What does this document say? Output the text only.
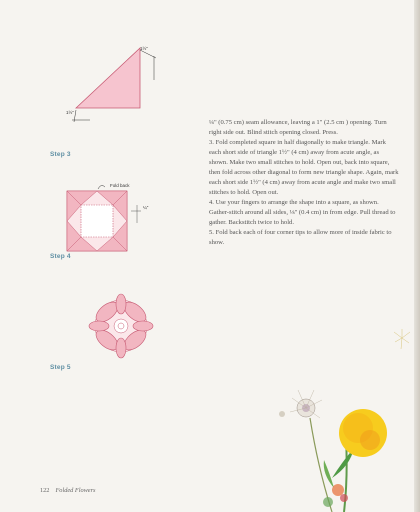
1½"
1½"
Step 3
Fold back
¼"
Step 4
Step 5

¼" (0.75 cm) seam allowance, leaving a 1" (2.5 cm ) opening. Turn right side out. Blind stitch opening closed. Press.

3. Fold completed square in half diagonally to make triangle. Mark each short side of triangle 1½" (4 cm) away from acute angle, as shown. Make two small stitches to hold. Open out, back into square, then fold across other diagonal to form new triangle shape. Again, mark each short side 1½" (4 cm) away from acute angle and make two small stitches to hold. Open out.

4. Use your fingers to arrange the shape into a square, as shown. Gather-stitch around all sides, ⅛" (0.4 cm) in from edge. Pull thread to gather. Backstitch twice to hold.

5. Fold back each of four corner tips to allow more of inside fabric to show.

122 Folded Flowers
